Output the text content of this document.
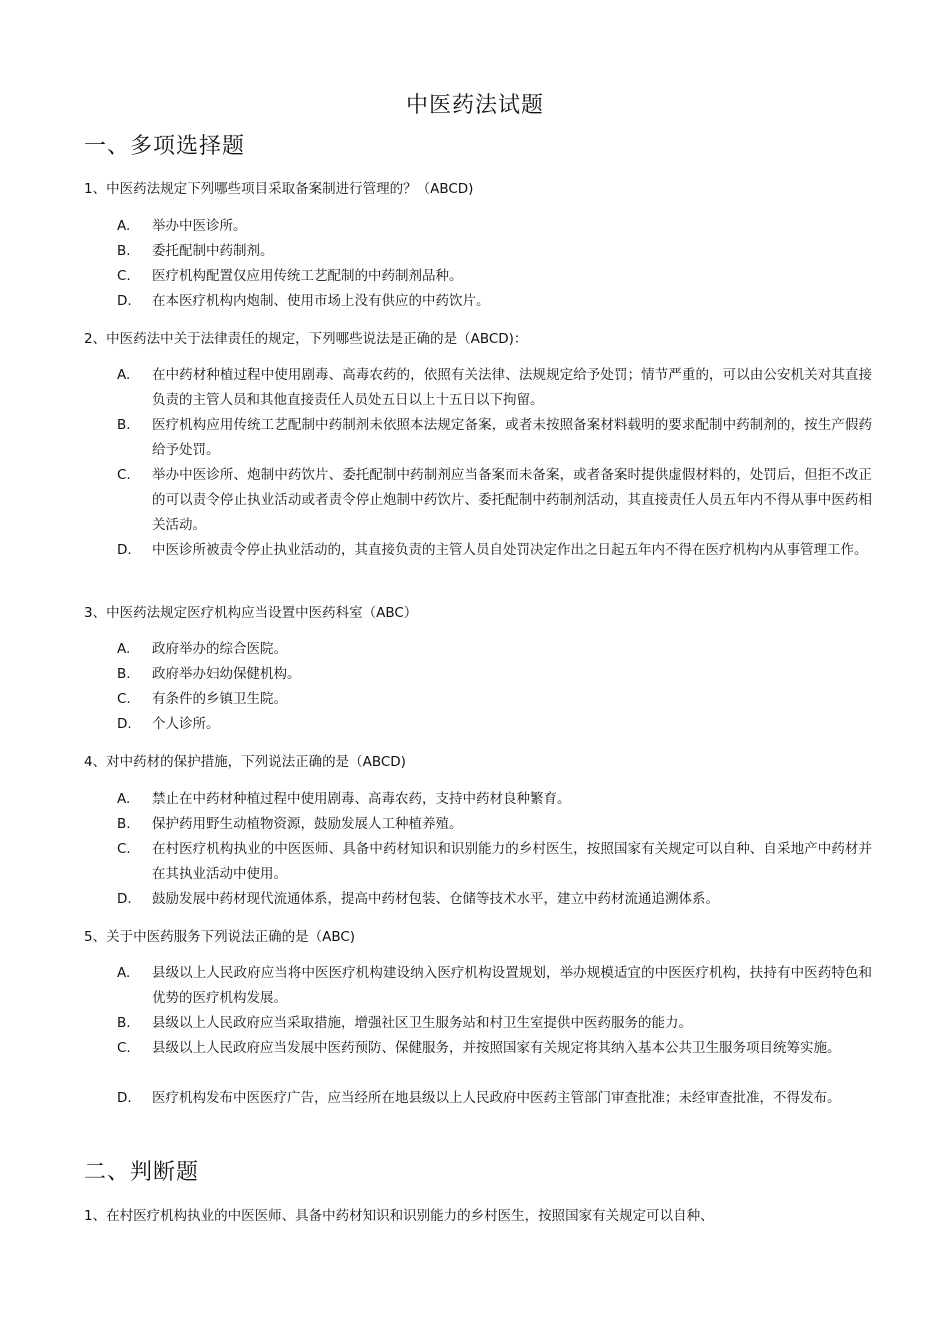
中医药法试题
一、多项选择题
1、中医药法规定下列哪些项目采取备案制进行管理的？（ABCD)
A.	举办中医诊所。
B.	委托配制中药制剂。
C.	医疗机构配置仅应用传统工艺配制的中药制剂品种。
D.	在本医疗机构内炮制、使用市场上没有供应的中药饮片。
2、中医药法中关于法律责任的规定，下列哪些说法是正确的是（ABCD)：
A.	在中药材种植过程中使用剧毒、高毒农药的，依照有关法律、法规规定给予处罚；情节严重的，可以由公安机关对其直接负责的主管人员和其他直接责任人员处五日以上十五日以下拘留。
B.	医疗机构应用传统工艺配制中药制剂未依照本法规定备案，或者未按照备案材料载明的要求配制中药制剂的，按生产假药给予处罚。
C.	举办中医诊所、炮制中药饮片、委托配制中药制剂应当备案而未备案，或者备案时提供虚假材料的，处罚后，但拒不改正的可以责令停止执业活动或者责令停止炮制中药饮片、委托配制中药制剂活动，其直接责任人员五年内不得从事中医药相关活动。
D.	中医诊所被责令停止执业活动的，其直接负责的主管人员自处罚决定作出之日起五年内不得在医疗机构内从事管理工作。
3、中医药法规定医疗机构应当设置中医药科室（ABC）
A.	政府举办的综合医院。
B.	政府举办妇幼保健机构。
C.	有条件的乡镇卫生院。
D.	个人诊所。
4、对中药材的保护措施，下列说法正确的是（ABCD)
A.	禁止在中药材种植过程中使用剧毒、高毒农药，支持中药材良种繁育。
B.	保护药用野生动植物资源，鼓励发展人工种植养殖。
C.	在村医疗机构执业的中医医师、具备中药材知识和识别能力的乡村医生，按照国家有关规定可以自种、自采地产中药材并在其执业活动中使用。
D.	鼓励发展中药材现代流通体系，提高中药材包装、仓储等技术水平，建立中药材流通追溯体系。
5、关于中医药服务下列说法正确的是（ABC)
A.	县级以上人民政府应当将中医医疗机构建设纳入医疗机构设置规划，举办规模适宜的中医医疗机构，扶持有中医药特色和优势的医疗机构发展。
B.	县级以上人民政府应当采取措施，增强社区卫生服务站和村卫生室提供中医药服务的能力。
C.	县级以上人民政府应当发展中医药预防、保健服务，并按照国家有关规定将其纳入基本公共卫生服务项目统筹实施。
D.	医疗机构发布中医医疗广告，应当经所在地县级以上人民政府中医药主管部门审查批准；未经审查批准，不得发布。
二、判断题
1、在村医疗机构执业的中医医师、具备中药材知识和识别能力的乡村医生，按照国家有关规定可以自种、
